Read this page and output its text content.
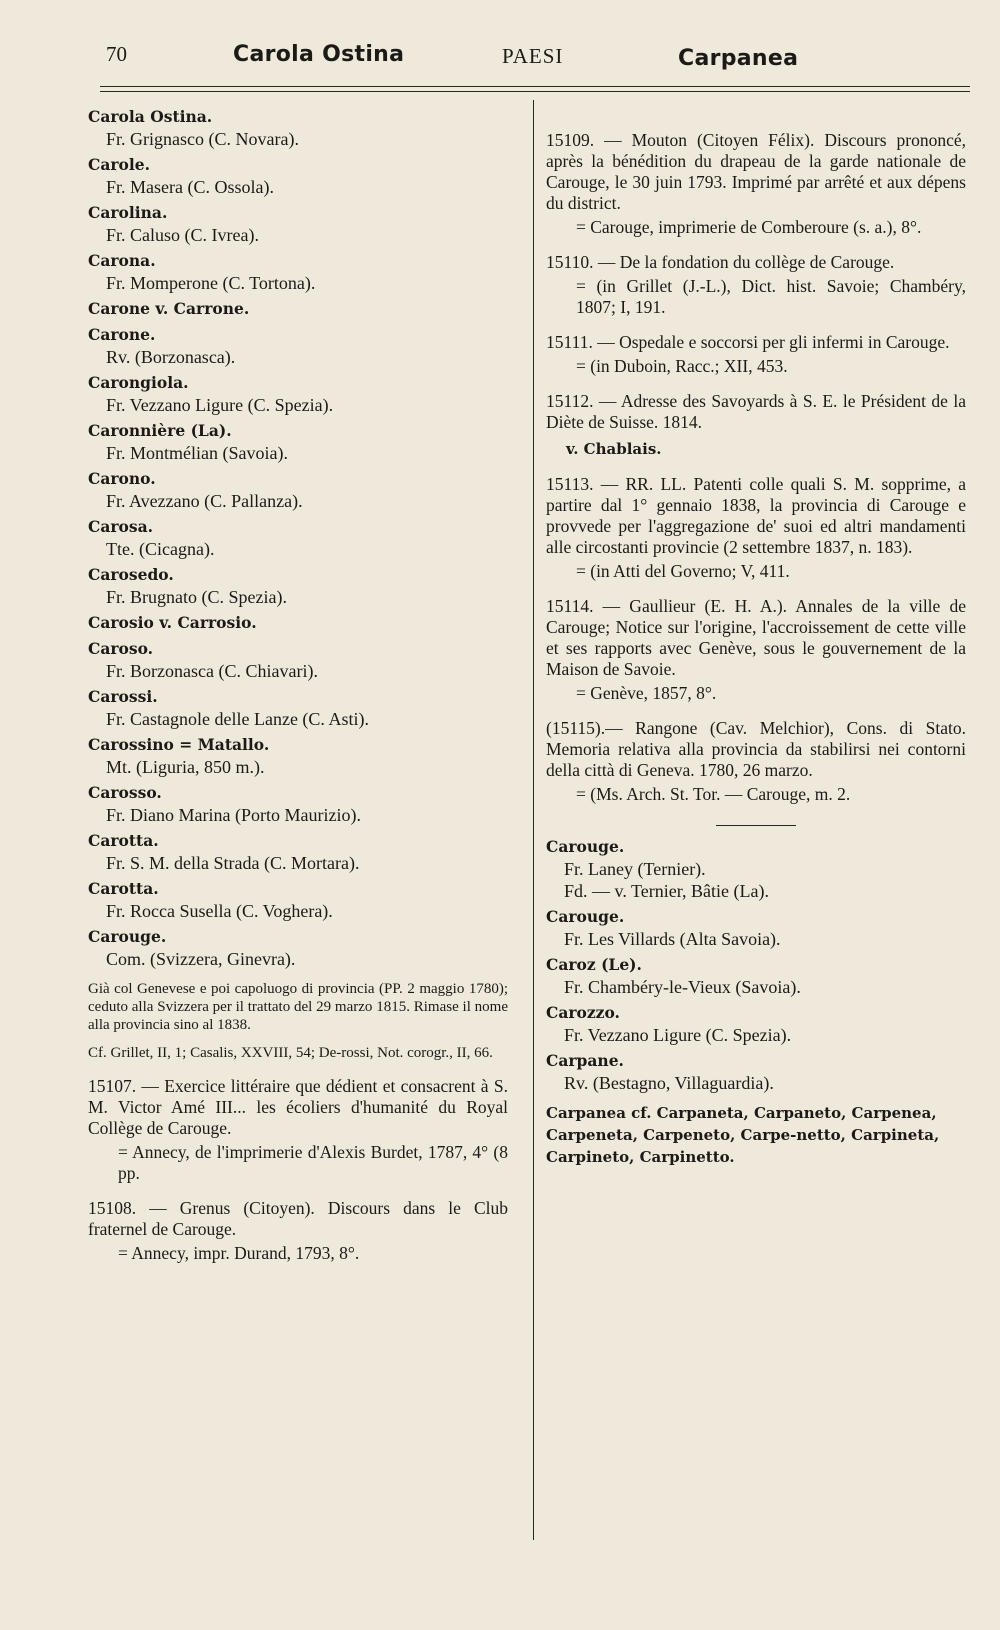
70	Carola Ostina	PAESI	Carpanea
Carola Ostina.
Fr. Grignasco (C. Novara).
Carole.
Fr. Masera (C. Ossola).
Carolina.
Fr. Caluso (C. Ivrea).
Carona.
Fr. Momperone (C. Tortona).
Carone v. Carrone.
Carone.
Rv. (Borzonasca).
Carongiola.
Fr. Vezzano Ligure (C. Spezia).
Caronnière (La).
Fr. Montmélian (Savoia).
Carono.
Fr. Avezzano (C. Pallanza).
Carosa.
Tte. (Cicagna).
Carosedo.
Fr. Brugnato (C. Spezia).
Carosio v. Carrosio.
Caroso.
Fr. Borzonasca (C. Chiavari).
Carossi.
Fr. Castagnole delle Lanze (C. Asti).
Carossino = Matallo.
Mt. (Liguria, 850 m.).
Carosso.
Fr. Diano Marina (Porto Maurizio).
Carotta.
Fr. S. M. della Strada (C. Mortara).
Carotta.
Fr. Rocca Susella (C. Voghera).
Carouge.
Com. (Svizzera, Ginevra).

Già col Genevese e poi capoluogo di provincia (PP. 2 maggio 1780); ceduto alla Svizzera per il trattato del 29 marzo 1815. Rimase il nome alla provincia sino al 1838.

Cf. Grillet, II, 1; Casalis, XXVIII, 54; De-rossi, Not. corogr., II, 66.

15107. — Exercice littéraire que dédient et consacrent à S. M. Victor Amé III... les écoliers d'humanité du Royal Collège de Carouge.
= Annecy, de l'imprimerie d'Alexis Burdet, 1787, 4° (8 pp.
15108. — Grenus (Citoyen). Discours dans le Club fraternel de Carouge.
= Annecy, impr. Durand, 1793, 8°.
15109. — Mouton (Citoyen Félix). Discours prononcé, après la bénédition du drapeau de la garde nationale de Carouge, le 30 juin 1793. Imprimé par arrêté et aux dépens du district.
= Carouge, imprimerie de Comberoure (s. a.), 8°.
15110. — De la fondation du collège de Carouge.
= (in Grillet (J.-L.), Dict. hist. Savoie; Chambéry, 1807; I, 191.
15111. — Ospedale e soccorsi per gli infermi in Carouge.
= (in Duboin, Racc.; XII, 453.
15112. — Adresse des Savoyards à S. E. le Président de la Diète de Suisse. 1814.
v. Chablais.
15113. — RR. LL. Patenti colle quali S. M. sopprime, a partire dal 1° gennaio 1838, la provincia di Carouge e provvede per l'aggregazione de' suoi ed altri mandamenti alle circostanti provincie (2 settembre 1837, n. 183).
= (in Atti del Governo; V, 411.
15114. — Gaullieur (E. H. A.). Annales de la ville de Carouge; Notice sur l'origine, l'accroissement de cette ville et ses rapports avec Genève, sous le gouvernement de la Maison de Savoie.
= Genève, 1857, 8°.
(15115).— Rangone (Cav. Melchior), Cons. di Stato. Memoria relativa alla provincia da stabilirsi nei contorni della città di Geneva. 1780, 26 marzo.
= (Ms. Arch. St. Tor. — Carouge, m. 2.
Carouge.
Fr. Laney (Ternier).
Fd. — v. Ternier, Bâtie (La).
Carouge.
Fr. Les Villards (Alta Savoia).
Caroz (Le).
Fr. Chambéry-le-Vieux (Savoia).
Carozzo.
Fr. Vezzano Ligure (C. Spezia).
Carpane.
Rv. (Bestagno, Villaguardia).
Carpanea cf. Carpaneta, Carpaneto, Carpenea, Carpeneta, Carpeneto, Carpe-netto, Carpineta, Carpineto, Carpinetto.
